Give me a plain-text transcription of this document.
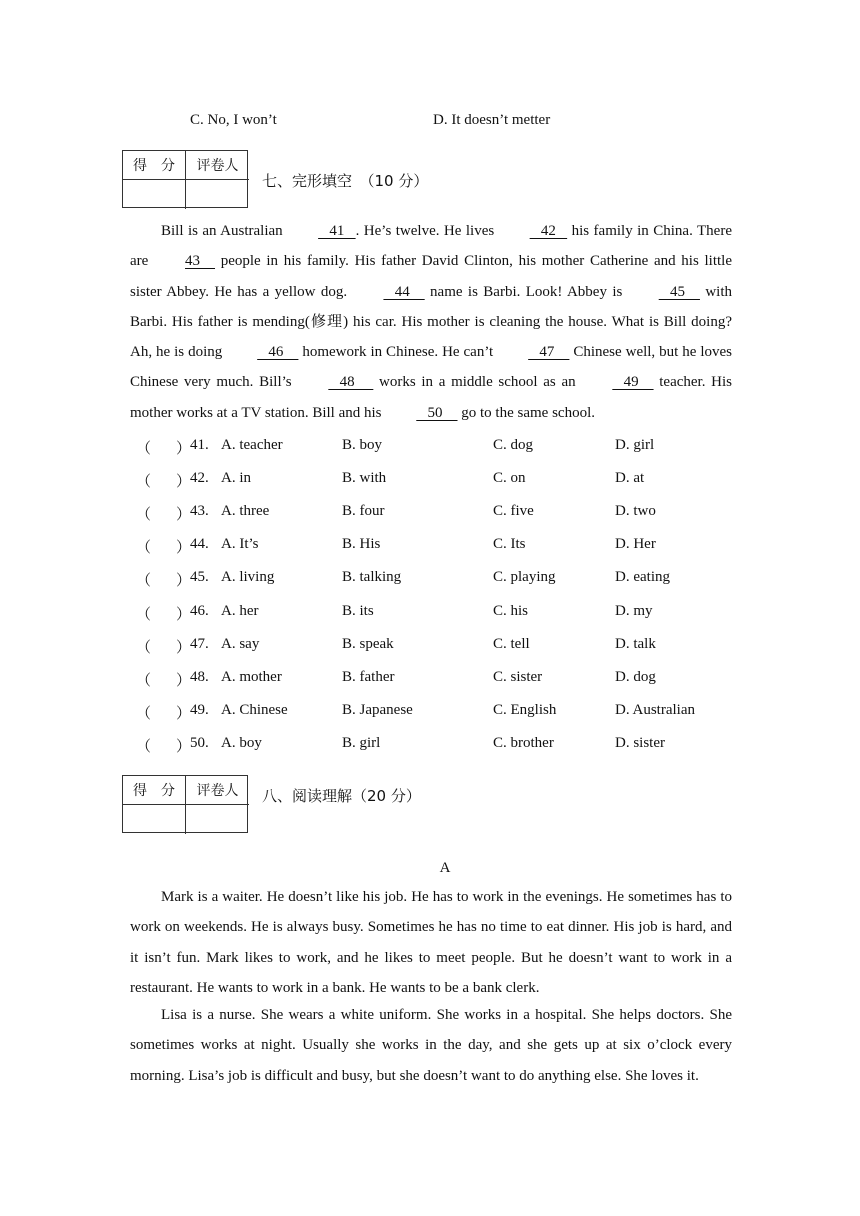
C. No, I won’t	D. It doesn’t metter
得　分	评卷人
七、完形填空　（10 分）
Bill is an Australian    41   . He’s twelve. He lives    42    his family in China. There are 43     people in his family. His father David Clinton, his mother Catherine and his little sister Abbey. He has a yellow dog.    44     name is Barbi. Look! Abbey is    45     with Barbi. His father is mending(修理) his car. His mother is cleaning the house. What is Bill doing? Ah, he is doing    46     homework in Chinese. He can’t    47     Chinese well, but he loves Chinese very much. Bill’s    48      works in a middle school as an    49     teacher. His mother works at a TV station. Bill and his    50     go to the same school.
（ ）
41. A. teacher	B. boy	C. dog	D. girl
（ ）
42. A. in	B. with	C. on	D. at
（ ）
43. A. three	B. four	C. five	D. two
（ ）
44. A. It’s	B. His	C. Its	D. Her
（ ）
45. A. living	B. talking	C. playing	D. eating
（ ）
46. A. her	B. its	C. his	D. my
（ ）
47. A. say	B. speak	C. tell	D. talk
（ ）
48. A. mother	B. father	C. sister	D. dog
（ ）
49. A. Chinese	B. Japanese	C. English	D. Australian
（ ）
50. A. boy	B. girl	C. brother	D. sister
得　分	评卷人	八、阅读理解（20 分）
A
Mark is a waiter. He doesn’t like his job. He has to work in the evenings. He sometimes has to work on weekends. He is always busy. Sometimes he has no time to eat dinner. His job is hard, and it isn’t fun. Mark likes to work, and he likes to meet people. But he doesn’t want to work in a restaurant. He wants to work in a bank. He wants to be a bank clerk.
Lisa is a nurse. She wears a white uniform. She works in a hospital. She helps doctors. She sometimes works at night. Usually she works in the day, and she gets up at six o’clock every morning. Lisa’s job is difficult and busy, but she doesn’t want to do anything else. She loves it.
